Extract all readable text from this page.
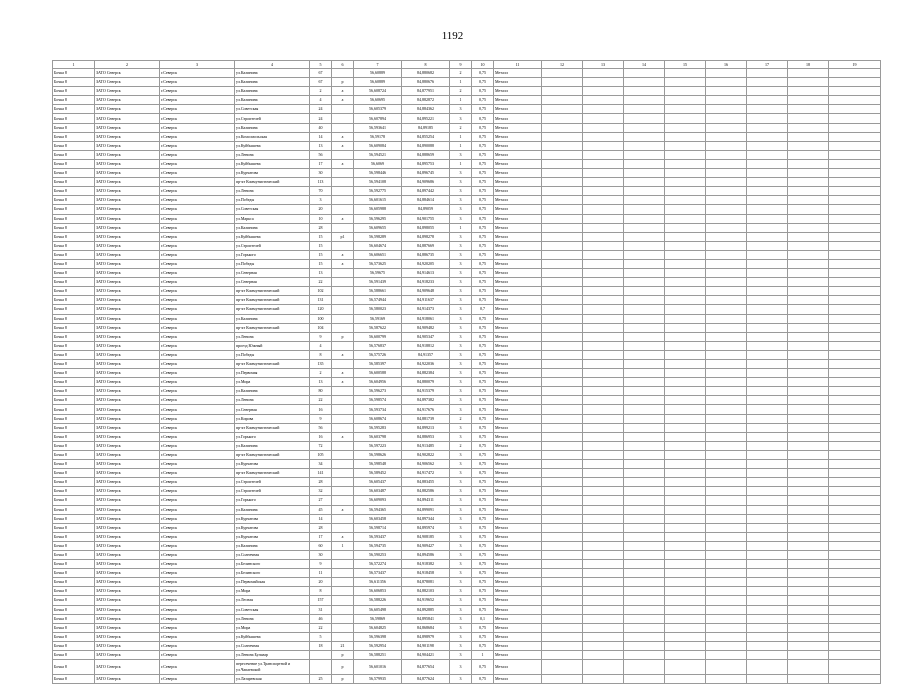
1192
1	2	3	4	5	6	7	8	9	10	11	12	13	14	15	16	17	18	19
Бочка 8	ЗАТО Северск	г.Северск	ул.Калинина	67		56,60889	84,880682	2	0,75	Металл								
Бочка 8	ЗАТО Северск	г.Северск	ул.Калинина	67	р	56,60889	84,880676	1	0,75	Металл								
Бочка 8	ЗАТО Северск	г.Северск	ул.Калинина	2	а	56,608724	84,877951	2	0,75	Металл								
Бочка 8	ЗАТО Северск	г.Северск	ул.Калинина	4	а	56,60695	84,882872	1	0,75	Металл								
Бочка 8	ЗАТО Северск	г.Северск	ул.Советская	24		56,605379	84,884362	3	0,75	Металл								
Бочка 8	ЗАТО Северск	г.Северск	ул.Строителей	24		56,607894	84,895221	3	0,75	Металл								
Бочка 8	ЗАТО Северск	г.Северск	ул.Калинина	40		56,593641	84,89185	2	0,75	Металл								
Бочка 8	ЗАТО Северск	г.Северск	ул.Комсомольская	14	а	56,59178	84,855254	1	0,75	Металл								
Бочка 8	ЗАТО Северск	г.Северск	ул.Куйбышева	13	а	56,609084	84,890088	1	0,75	Металл								
Бочка 8	ЗАТО Северск	г.Северск	ул.Ленина	56		56,594521	84,888659	3	0,75	Металл								
Бочка 8	ЗАТО Северск	г.Северск	ул.Куйбышева	17	а	56,6069	84,895753	1	0,75	Металл								
Бочка 8	ЗАТО Северск	г.Северск	ул.Курчатова	30		56,598446	84,896745	3	0,75	Металл								
Бочка 8	ЗАТО Северск	г.Северск	пр-кт Коммунистический	113		56,594108	84,909686	3	0,75	Металл								
Бочка 8	ЗАТО Северск	г.Северск	ул.Ленина	70		56,592775	84,897442	3	0,75	Металл								
Бочка 8	ЗАТО Северск	г.Северск	ул.Победы	3		56,601615	84,884614	3	0,75	Металл								
Бочка 8	ЗАТО Северск	г.Северск	ул.Советская	20		56,605988	84,89059	3	0,75	Металл								
Бочка 8	ЗАТО Северск	г.Северск	ул.Маркса	10	а	56,596295	84,901755	3	0,75	Металл								
Бочка 8	ЗАТО Северск	г.Северск	ул.Калинина	28		56,609655	84,898055	1	0,75	Металл								
Бочка 8	ЗАТО Северск	г.Северск	ул.Куйбышева	15	р1	56,598289	84,898278	3	0,75	Металл								
Бочка 8	ЗАТО Северск	г.Северск	ул.Строителей	15		56,604674	84,887669	3	0,75	Металл								
Бочка 8	ЗАТО Северск	г.Северск	ул.Горького	15	а	56,606651	84,886735	3	0,75	Металл								
Бочка 8	ЗАТО Северск	г.Северск	ул.Победы	15	а	56,573625	84,920205	3	0,75	Металл								
Бочка 8	ЗАТО Северск	г.Северск	ул.Северная	13		56,59675	84,914613	3	0,75	Металл								
Бочка 8	ЗАТО Северск	г.Северск	ул.Северная	22		56,591439	84,918233	3	0,75	Металл								
Бочка 8	ЗАТО Северск	г.Северск	пр-кт Коммунистический	102		56,588661	84,909648	3	0,75	Металл								
Бочка 8	ЗАТО Северск	г.Северск	пр-кт Коммунистический	131		56,574944	84,911637	3	0,75	Металл								
Бочка 8	ЗАТО Северск	г.Северск	пр-кт Коммунистический	120		56,580023	84,914373	3	0,7	Металл								
Бочка 8	ЗАТО Северск	г.Северск	ул.Калинина	100		56,59169	84,918061	3	0,75	Металл								
Бочка 8	ЗАТО Северск	г.Северск	пр-кт Коммунистический	104		56,587622	84,909482	3	0,75	Металл								
Бочка 8	ЗАТО Северск	г.Северск	ул.Ленина	9	р	56,600799	84,905347	3	0,75	Металл								
Бочка 8	ЗАТО Северск	г.Северск	проезд Южный	4		56,576837	84,918812	3	0,75	Металл								
Бочка 8	ЗАТО Северск	г.Северск	ул.Победы	8	а	56,575726	84,91357	3	0,75	Металл								
Бочка 8	ЗАТО Северск	г.Северск	пр-кт Коммунистический	135		56,585397	84,922036	3	0,75	Металл								
Бочка 8	ЗАТО Северск	г.Северск	ул.Первомая	2	а	56,600588	84,882384	3	0,75	Металл								
Бочка 8	ЗАТО Северск	г.Северск	ул.Мира	13	а	56,604956	84,880079	3	0,75	Металл								
Бочка 8	ЗАТО Северск	г.Северск	ул.Калинина	80		56,596273	84,915379	3	0,75	Металл								
Бочка 8	ЗАТО Северск	г.Северск	ул.Ленина	22		56,598574	84,897382	3	0,75	Металл								
Бочка 8	ЗАТО Северск	г.Северск	ул.Северная	16		56,593734	84,917676	3	0,75	Металл								
Бочка 8	ЗАТО Северск	г.Северск	ул.Кирова	9		56,608674	84,881739	2	0,75	Металл								
Бочка 8	ЗАТО Северск	г.Северск	пр-кт Коммунистический	56		56,595283	84,899213	3	0,75	Металл								
Бочка 8	ЗАТО Северск	г.Северск	ул.Горького	16	а	56,603798	84,886953	3	0,75	Металл								
Бочка 8	ЗАТО Северск	г.Северск	ул.Калинина	72		56,597223	84,913485	2	0,75	Металл								
Бочка 8	ЗАТО Северск	г.Северск	пр-кт Коммунистический	105		56,598626	84,902822	3	0,75	Металл								
Бочка 8	ЗАТО Северск	г.Северск	ул.Курчатова	34		56,598548	84,906562	3	0,75	Металл								
Бочка 8	ЗАТО Северск	г.Северск	пр-кт Коммунистический	141		56,589452	84,917472	3	0,75	Металл								
Бочка 8	ЗАТО Северск	г.Северск	ул.Строителей	28		56,605437	84,883455	3	0,75	Металл								
Бочка 8	ЗАТО Северск	г.Северск	ул.Строителей	32		56,603487	84,882586	3	0,75	Металл								
Бочка 8	ЗАТО Северск	г.Северск	ул.Горького	27		56,609093	84,894311	3	0,75	Металл								
Бочка 8	ЗАТО Северск	г.Северск	ул.Калинина	45	а	56,594365	84,899091	3	0,75	Металл								
Бочка 8	ЗАТО Северск	г.Северск	ул.Курчатова	14		56,603458	84,897344	3	0,75	Металл								
Бочка 8	ЗАТО Северск	г.Северск	ул.Курчатова	28		56,598714	84,895974	3	0,75	Металл								
Бочка 8	ЗАТО Северск	г.Северск	ул.Курчатова	17	а	56,593437	84,908185	3	0,75	Металл								
Бочка 8	ЗАТО Северск	г.Северск	ул.Калинина	60	1	56,594735	84,909427	3	0,75	Металл								
Бочка 8	ЗАТО Северск	г.Северск	ул.Солнечная	30		56,590253	84,894586	3	0,75	Металл								
Бочка 8	ЗАТО Северск	г.Северск	ул.Белинского	9		56,572274	84,918382	3	0,75	Металл								
Бочка 8	ЗАТО Северск	г.Северск	ул.Белинского	11		56,573437	84,918458	3	0,75	Металл								
Бочка 8	ЗАТО Северск	г.Северск	ул.Первомайская	20		56,611356	84,878081	3	0,75	Металл								
Бочка 8	ЗАТО Северск	г.Северск	ул.Мира	8		56,606853	84,882103	3	0,75	Металл								
Бочка 8	ЗАТО Северск	г.Северск	ул.Лесная	157		56,588226	84,919652	3	0,75	Металл								
Бочка 8	ЗАТО Северск	г.Северск	ул.Советская	31		56,605498	84,892885	3	0,75	Металл								
Бочка 8	ЗАТО Северск	г.Северск	ул.Ленина	46		56,59869	84,895841	3	0,1	Металл								
Бочка 8	ЗАТО Северск	г.Северск	ул.Мира	22		56,604825	84,868684	3	0,75	Металл								
Бочка 8	ЗАТО Северск	г.Северск	ул.Куйбышева	5		56,596398	84,898979	3	0,75	Металл								
Бочка 8	ЗАТО Северск	г.Северск	ул.Солнечная	18	21	56,592954	84,901198	3	0,75	Металл								
Бочка 8	ЗАТО Северск	г.Северск	ул.Ленина Бульвар		р	56,588251	84,904421	3	1	Металл								
Бочка 8	ЗАТО Северск	г.Северск	пересечение ул.Транспортной и ул.Чапаевской		р	56,601016	84,877654	3	0,75	Металл								
Бочка 8	ЗАТО Северск	г.Северск	ул.Лазаревская	25	р	56,579935	84,877624	3	0,75	Металл								
